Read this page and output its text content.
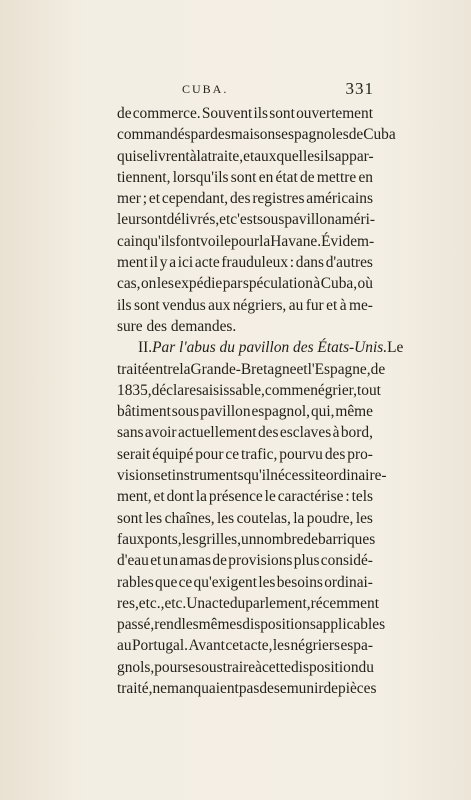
CUBA.	331
de commerce. Souvent ils sont ouvertement
commandés par des maisons espagnoles de Cuba
qui se livrent à la traite, et auxquelles ils appar-
tiennent, lorsqu'ils sont en état de mettre en
mer ; et cependant, des registres américains
leur sont délivrés, et c'est sous pavillon améri-
cain qu'ils font voile pour la Havane. Évidem-
ment il y a ici acte frauduleux : dans d'autres
cas, on les expédie par spéculation à Cuba, où
ils sont vendus aux négriers, au fur et à me-
sure des demandes.
II. Par l'abus du pavillon des États-Unis. Le
traité entre la Grande-Bretagne et l'Espagne, de
1835, déclare saisissable, comme négrier, tout
bâtiment sous pavillon espagnol, qui, même
sans avoir actuellement des esclaves à bord,
serait équipé pour ce trafic, pourvu des pro-
visions et instruments qu'il nécessite ordinaire-
ment, et dont la présence le caractérise : tels
sont les chaînes, les coutelas, la poudre, les
faux ponts, les grilles, un nombre de barriques
d'eau et un amas de provisions plus considé-
rables que ce qu'exigent les besoins ordinai-
res, etc., etc. Un acte du parlement, récemment
passé, rend les mêmes dispositions applicables
au Portugal. Avant cet acte, les négriers espa-
gnols, pour se soustraire à cette disposition du
traité, ne manquaient pas de se munir de pièces
